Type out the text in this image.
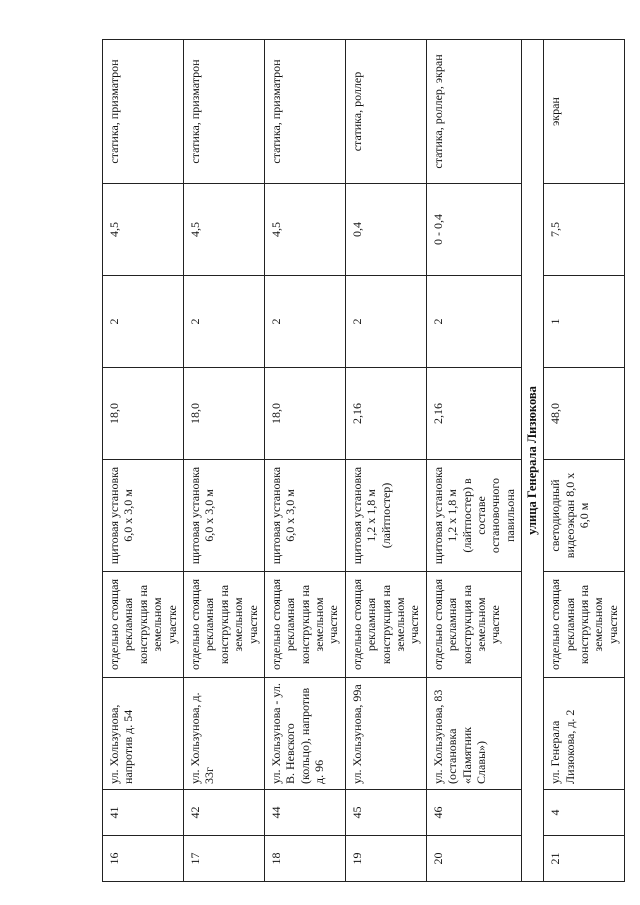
16	41	ул. Хользунова, напротив д. 54	отдельно стоящая рекламная конструкция на земельном участке	щитовая установка 6,0 х 3,0 м	18,0	2	4,5	статика, призматрон
17	42	ул. Хользунова, д. 33г	отдельно стоящая рекламная конструкция на земельном участке	щитовая установка 6,0 х 3,0 м	18,0	2	4,5	статика, призматрон
18	44	ул. Хользунова - ул. В. Невского (кольцо), напротив д. 96	отдельно стоящая рекламная конструкция на земельном участке	щитовая установка 6,0 х 3,0 м	18,0	2	4,5	статика, призматрон
19	45	ул. Хользунова, 99а	отдельно стоящая рекламная конструкция на земельном участке	щитовая установка 1,2 х 1,8 м (лайтпостер)	2,16	2	0,4	статика, роллер
20	46	ул. Хользунова, 83 (остановка «Памятник Славы»)	отдельно стоящая рекламная конструкция на земельном участке	щитовая установка 1,2 х 1,8 м (лайтпостер) в составе остановочного павильона	2,16	2	0 - 0,4	статика, роллер, экран
улица Генерала Лизюкова								
21	4	ул. Генерала Лизюкова, д. 2	отдельно стоящая рекламная конструкция на земельном участке	светодиодный видеоэкран 8,0 х 6,0 м	48,0	1	7,5	экран
